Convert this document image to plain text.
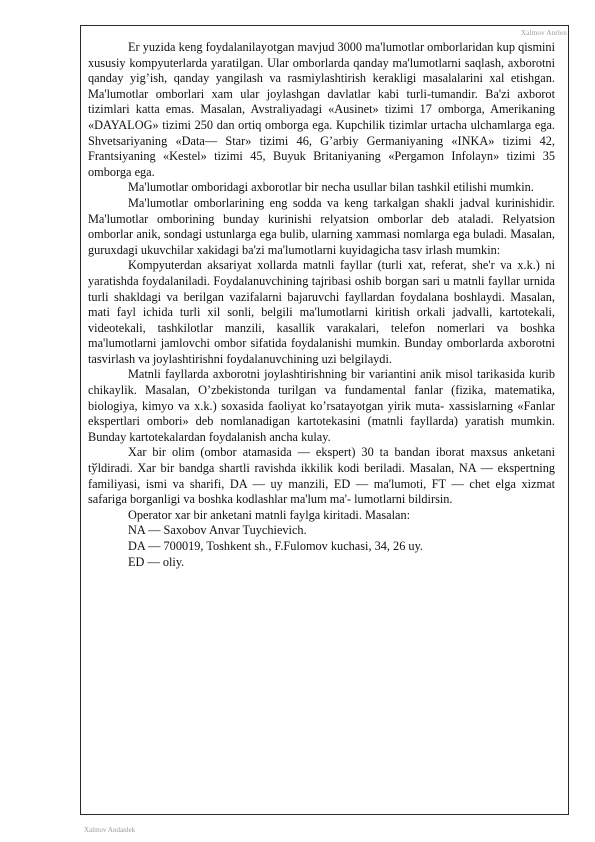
Xalmov Anrlen

Er yuzida keng foydalanilayotgan mavjud 3000 ma'lumotlar omborlaridan kup qismini xususiy kompyuterlarda yaratilgan. Ular omborlarda qanday ma'lumotlarni saqlash, axborotni qanday yig’ish, qanday yangilash va rasmiylashtirish kerakligi masalalarini xal etishgan. Ma'lumotlar omborlari xam ular joylashgan davlatlar kabi turli-tumandir. Ba'zi axborot tizimlari katta emas. Masalan, Avstraliyadagi «Ausinet» tizimi 17 omborga, Amerikaning «DAYALOG» tizimi 250 dan ortiq omborga ega. Kupchilik tizimlar urtacha ulchamlarga ega. Shvetsariyaning «Data— Star» tizimi 46, G’arbiy Germaniyaning «INKA» tizimi 42, Frantsiyaning «Kestel» tizimi 45, Buyuk Britaniyaning «Pergamon Infolayn» tizimi 35 omborga ega.

Ma'lumotlar omboridagi axborotlar bir necha usullar bilan tashkil etilishi mumkin.

Ma'lumotlar omborlarining eng sodda va keng tarkalgan shakli jadval kurinishidir. Ma'lumotlar omborining bunday kurinishi relyatsion omborlar deb ataladi. Relyatsion omborlar anik, sondagi ustunlarga ega bulib, ularning xammasi nomlarga ega buladi. Masalan, guruxdagi ukuvchilar xakidagi ba'zi ma'lumotlarni kuyidagicha tasv irlash mumkin:

Kompyuterdan aksariyat xollarda matnli fayllar (turli xat, referat, she'r va x.k.) ni yaratishda foydalaniladi. Foydalanuvchining tajribasi oshib borgan sari u matnli fayllar urnida turli shakldagi va berilgan vazifalarni bajaruvchi fayllardan foydalana boshlaydi. Masalan, mati fayl ichida turli xil sonli, belgili ma'lumotlarni kiritish orkali jadvalli, kartotekali, videotekali, tashkilotlar manzili, kasallik varakalari, telefon nomerlari va boshka ma'lumotlarni jamlovchi ombor sifatida foydalanishi mumkin. Bunday omborlarda axborotni tasvirlash va joylashtirishni foydalanuvchining uzi belgilaydi.

Matnli fayllarda axborotni joylashtirishning bir variantini anik misol tarikasida kurib chikaylik. Masalan, O’zbekistonda turilgan va fundamental fanlar (fizika, matematika, biologiya, kimyo va x.k.) soxasida faoliyat ko’rsatayotgan yirik muta- xassislarning «Fanlar ekspertlari ombori» deb nomlanadigan kartotekasini (matnli fayllarda) yaratish mumkin. Bunday kartotekalardan foydalanish ancha kulay.

Xar bir olim (ombor atamasida — ekspert) 30 ta bandan iborat maxsus anketani tўldiradi. Xar bir bandga shartli ravishda ikkilik kodi beriladi. Masalan, NA — ekspertning familiyasi, ismi va sharifi, DA — uy manzili, ED — ma'lumoti, FT — chet elga xizmat safariga borganligi va boshka kodlashlar ma'lum ma'- lumotlarni bildirsin.

Operator xar bir anketani matnli faylga kiritadi. Masalan:

NA — Saxobov Anvar Tuychievich.

DA — 700019, Toshkent sh., F.Fulomov kuchasi, 34, 26 uy.

ED — oliy.

Xalmov Andanlek
